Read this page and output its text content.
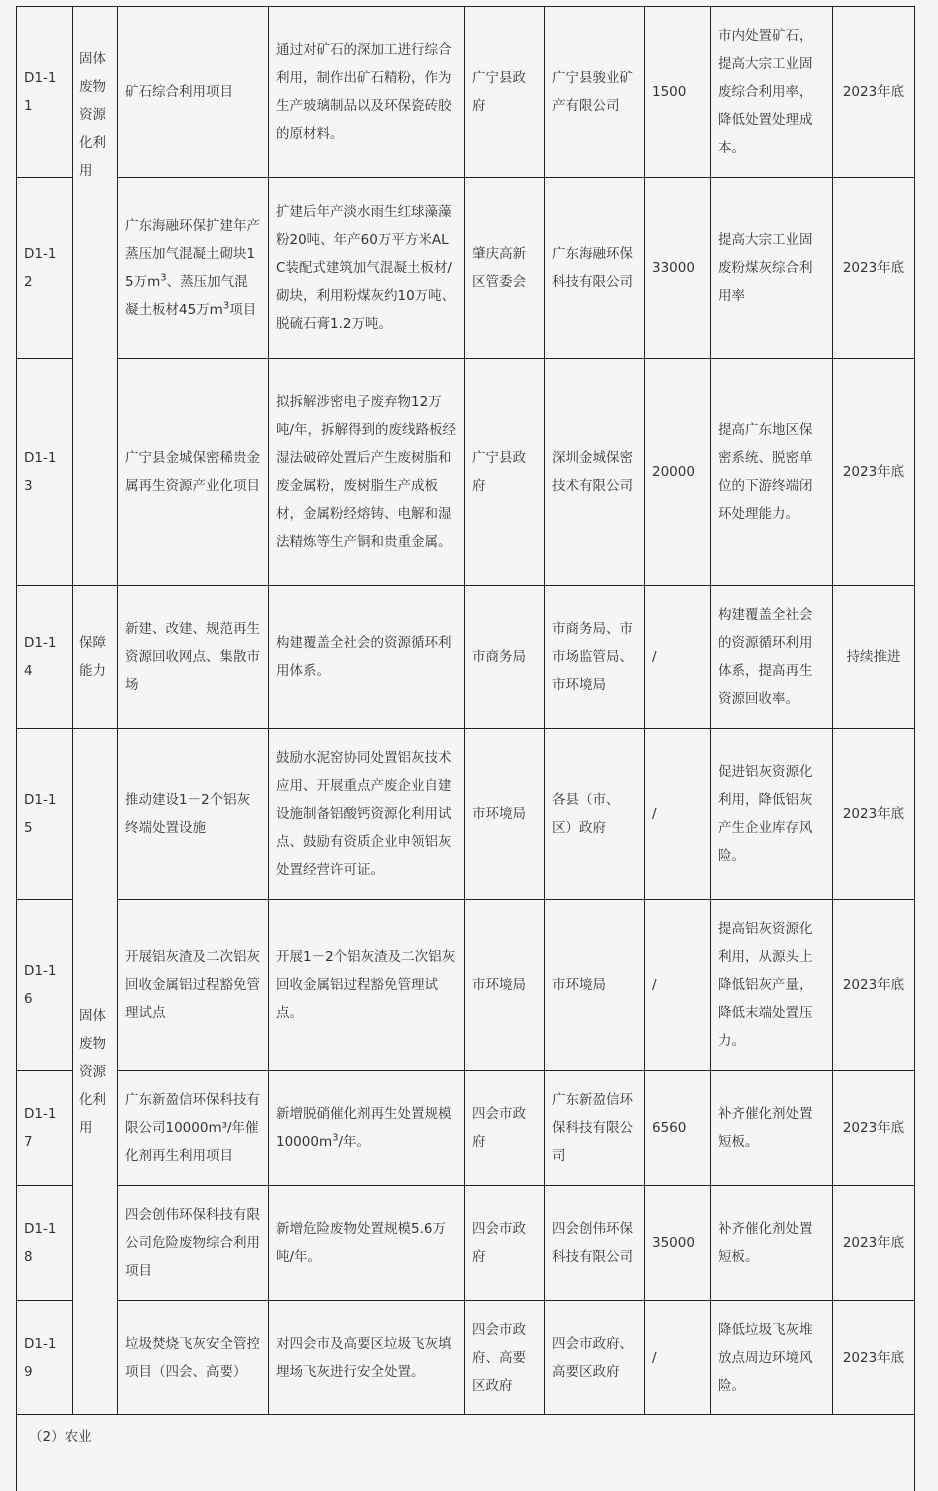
D1-11	固体废物资源化利用	矿石综合利用项目	通过对矿石的深加工进行综合利用，制作出矿石精粉，作为生产玻璃制品以及环保瓷砖胶的原材料。	广宁县政府	广宁县骏业矿产有限公司	1500	市内处置矿石，提高大宗工业固废综合利用率，降低处置处理成本。	2023年底
D1-12		广东海融环保扩建年产蒸压加气混凝土砌块15万$m^3$、蒸压加气混凝土板材45万$m^3$项目	扩建后年产淡水雨生红球藻藻粉20吨、年产60万平方米ALC装配式建筑加气混凝土板材/砌块，利用粉煤灰约10万吨、脱硫石膏1.2万吨。	肇庆高新区管委会	广东海融环保科技有限公司	33000	提高大宗工业固废粉煤灰综合利用率	2023年底
D1-13		广宁县金城保密稀贵金属再生资源产业化项目	拟拆解涉密电子废弃物12万吨/年，拆解得到的废线路板经湿法破碎处置后产生废树脂和废金属粉，废树脂生产成板材，金属粉经熔铸、电解和湿法精炼等生产铜和贵重金属。	广宁县政府	深圳金城保密技术有限公司	20000	提高广东地区保密系统、脱密单位的下游终端闭环处理能力。	2023年底
D1-14	保障能力	新建、改建、规范再生资源回收网点、集散市场	构建覆盖全社会的资源循环利用体系。	市商务局	市商务局、市市场监管局、市环境局	/	构建覆盖全社会的资源循环利用体系，提高再生资源回收率。	持续推进
D1-15	固体废物资源化利用	推动建设1－2个铝灰终端处置设施	鼓励水泥窑协同处置铝灰技术应用、开展重点产废企业自建设施制备铝酸钙资源化利用试点、鼓励有资质企业申领铝灰处置经营许可证。	市环境局	各县（市、区）政府	/	促进铝灰资源化利用，降低铝灰产生企业库存风险。	2023年底
D1-16		开展铝灰渣及二次铝灰回收金属铝过程豁免管理试点	开展1－2个铝灰渣及二次铝灰回收金属铝过程豁免管理试点。	市环境局	市环境局	/	提高铝灰资源化利用，从源头上降低铝灰产量，降低末端处置压力。	2023年底
D1-17		广东新盈信环保科技有限公司10000m³/年催化剂再生利用项目	新增脱硝催化剂再生处置规模$10000m^3/$年。	四会市政府	广东新盈信环保科技有限公司	6560	补齐催化剂处置短板。	2023年底
D1-18		四会创伟环保科技有限公司危险废物综合利用项目	新增危险废物处置规模5.6万吨/年。	四会市政府	四会创伟环保科技有限公司	35000	补齐催化剂处置短板。	2023年底
D1-19		垃圾焚烧飞灰安全管控项目（四会、高要）	对四会市及高要区垃圾飞灰填埋场飞灰进行安全处置。	四会市政府、高要区政府	四会市政府、高要区政府	/	降低垃圾飞灰堆放点周边环境风险。	2023年底
（2）农业								
